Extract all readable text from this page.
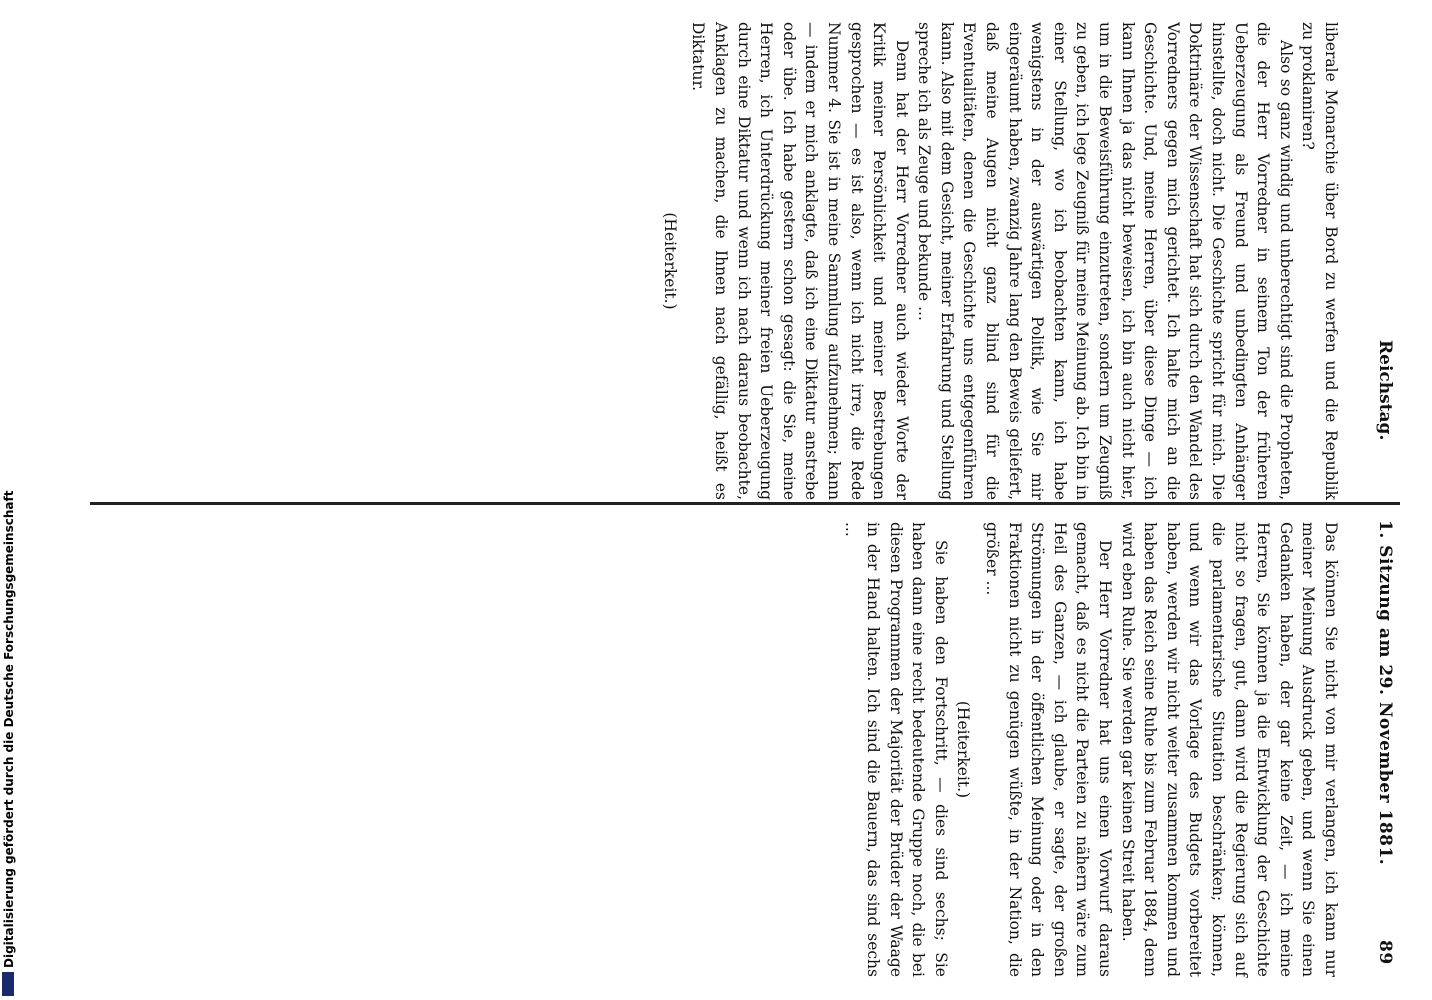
1. Sitzung am 29. November 1881.
89
Reichstag.

Das können Sie nicht von mir verlangen, ich kann nur meiner Meinung Ausdruck geben, und wenn Sie einen Gedanken haben, der gar keine Zeit, — ich meine Herren, Sie können ja die Entwicklung der Geschichte nicht so fragen, gut, dann wird die Regierung sich auf die parlamentarische Situation beschränken; können, und wenn wir das Vorlage des Budgets vorbereitet haben, werden wir nicht weiter zusammen kommen und haben das Reich seine Ruhe bis zum Februar 1884, denn wird eben Ruhe. Sie werden gar keinen Streit haben.

Der Herr Vorredner hat uns einen Vorwurf daraus gemacht, daß es nicht die Parteien zu nähern wäre zum Heil des Ganzen, — ich glaube, er sagte, der großen Strömungen in der öffentlichen Meinung oder in den Fraktionen nicht zu genügen wüßte, in der Nation, die größer ...

(Heiterkeit.)

Sie haben den Fortschritt, — dies sind sechs; Sie haben dann eine recht bedeutende Gruppe noch, die bei diesen Programmen der Majorität der Brüder der Waage in der Hand halten. Ich sind die Bauern, das sind sechs ...

liberale Monarchie über Bord zu werfen und die Republik zu proklamiren?

Also so ganz windig und unberechtigt sind die Propheten, die der Herr Vorredner in seinem Ton der früheren Ueberzeugung als Freund und unbedingten Anhänger hinstellte, doch nicht. Die Geschichte spricht für mich. Die Doktrinäre der Wissenschaft hat sich durch den Wandel des Vorredners gegen mich gerichtet. Ich halte mich an die Geschichte. Und, meine Herren, über diese Dinge — ich kann Ihnen ja das nicht beweisen, ich bin auch nicht hier, um in die Beweisführung einzutreten, sondern um Zeugniß zu geben, ich lege Zeugniß für meine Meinung ab. Ich bin in einer Stellung, wo ich beobachten kann, ich habe wenigstens in der auswärtigen Politik, wie Sie mir eingeräumt haben, zwanzig Jahre lang den Beweis geliefert, daß meine Augen nicht ganz blind sind für die Eventualitäten, denen die Geschichte uns entgegenführen kann. Also mit dem Gesicht, meiner Erfahrung und Stellung spreche ich als Zeuge und bekunde ...

Denn hat der Herr Vorredner auch wieder Worte der Kritik meiner Persönlichkeit und meiner Bestrebungen gesprochen — es ist also, wenn ich nicht irre, die Rede Nummer 4. Sie ist in meine Sammlung aufzunehmen; kann — indem er mich anklagte, daß ich eine Diktatur anstrebe oder übe. Ich habe gestern schon gesagt: die Sie, meine Herren, ich Unterdrückung meiner freien Ueberzeugung durch eine Diktatur und wenn ich nach daraus beobachte, Anklagen zu machen, die Ihnen nach gefällig, heißt es Diktatur.

(Heiterkeit.)

Digitalisierung gefördert durch die Deutsche Forschungsgemeinschaft
